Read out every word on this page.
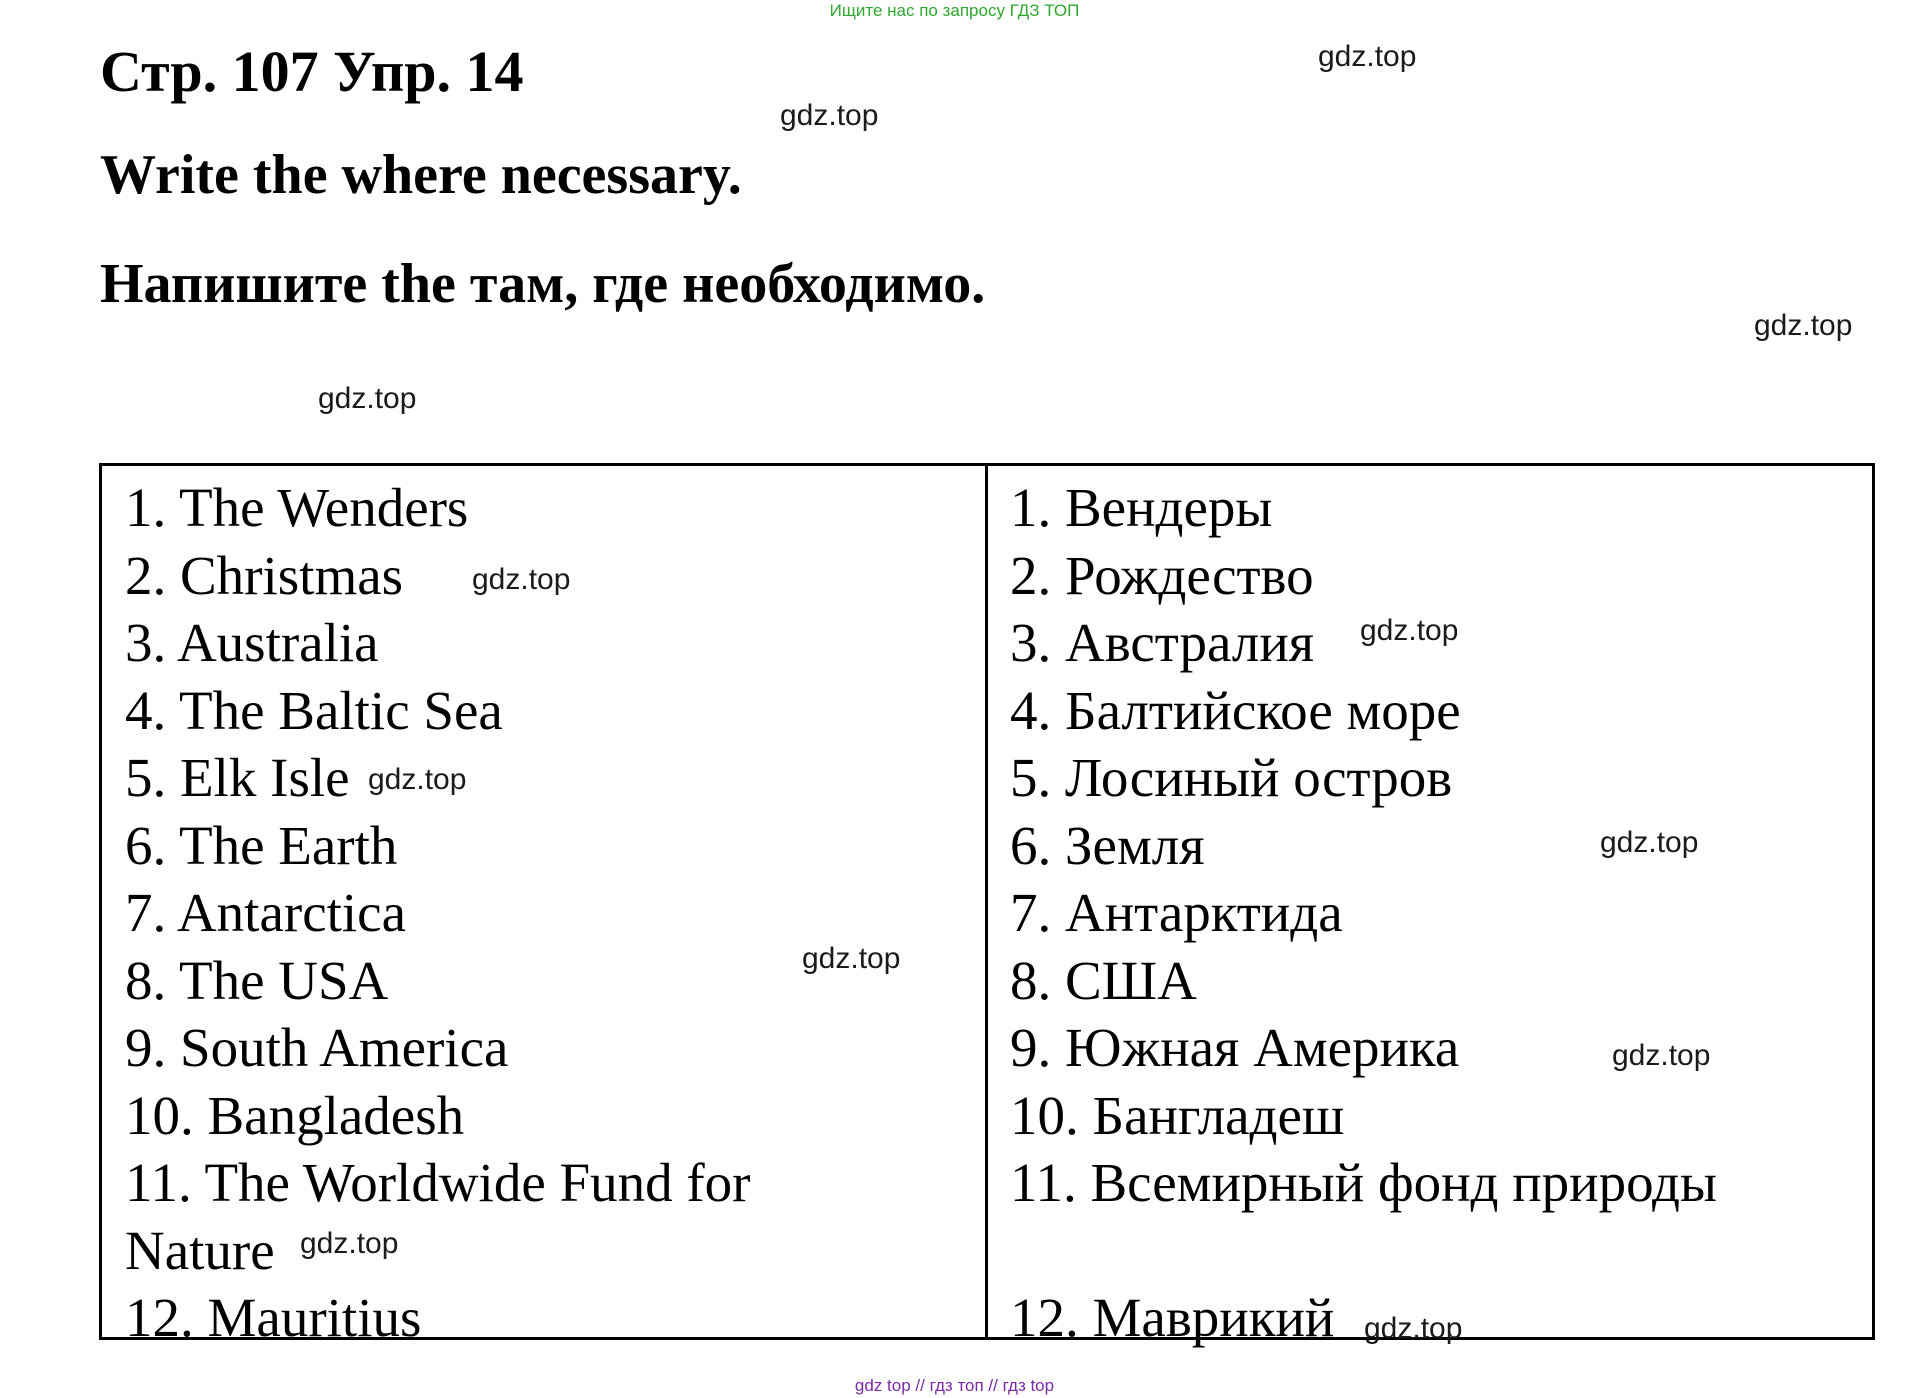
Ищите нас по запросу ГДЗ ТОП
Стр. 107 Упр. 14
Write the where necessary.
Напишите the там, где необходимо.
gdz.top
gdz.top
gdz.top
gdz.top
1. The Wenders
2. Christmas
3. Australia
4. The Baltic Sea
5. Elk Isle
6. The Earth
7. Antarctica
8. The USA
9. South America
10. Bangladesh
11. The Worldwide Fund for Nature
12. Mauritius
1. Вендеры
2. Рождество
3. Австралия
4. Балтийское море
5. Лосиный остров
6. Земля
7. Антарктида
8. США
9. Южная Америка
10. Бангладеш
11. Всемирный фонд природы
12. Маврикий
gdz.top
gdz.top
gdz.top
gdz.top
gdz.top
gdz.top
gdz.top
gdz.top
gdz top // гдз топ // гдз top
